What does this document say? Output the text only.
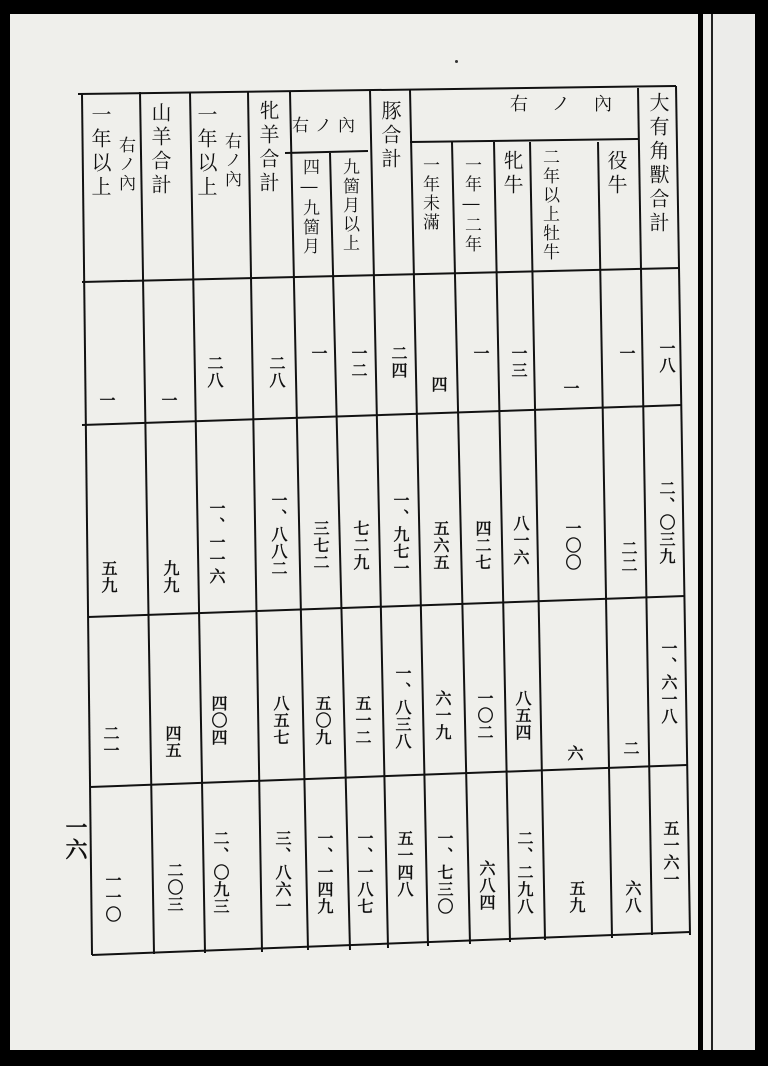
大有角獸合計
役牛
二年以上牡牛
牝牛
一年―二年
一年未滿
豚合計
九箇月以上
四―九箇月
牝羊合計
一年以上
山羊合計
一年以上	右ノ內
右ノ內
右ノ內
右ノ內
一八
二、〇三九
一、六一八
五一六一
一
二二
二
六八
一
一〇〇
六
五九
一三
八一六
八五四
二、二九八
一
四二七
一〇二
六八四
四
五六五
六一九
一、七三〇
二四
一、九七一
一、八三八
五一四八
一二
七二九
五一二
一、一八七
一
三七二
五〇九
一、一四九
二八
一、八八二
八五七
三、八六一
二八
一、一一六
四〇四
二、〇九三
一
九九
四五
二〇三
一
五九
二一
一一〇
一六
